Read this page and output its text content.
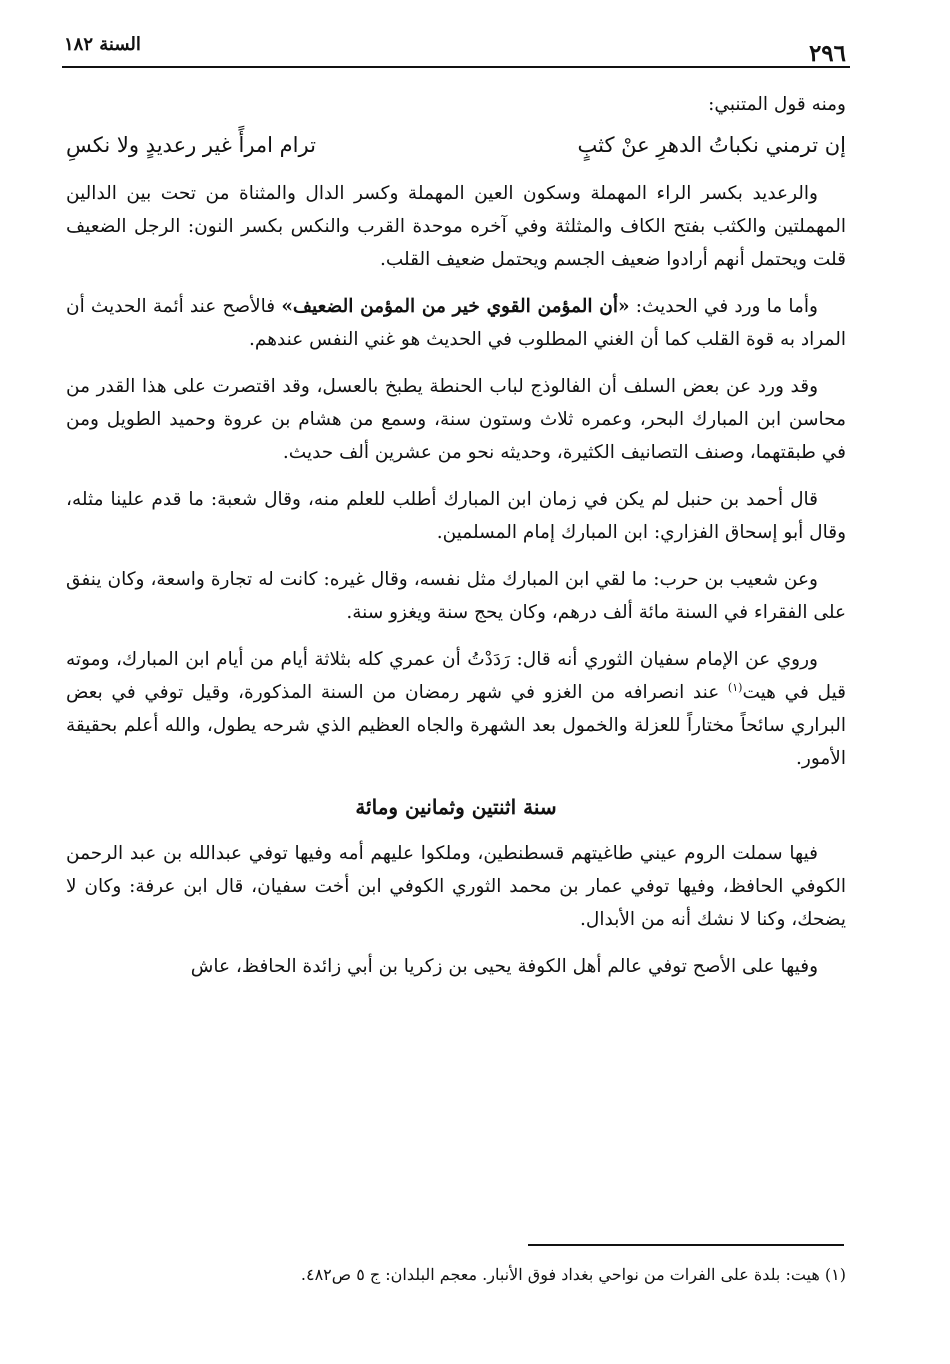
٢٩٦
السنة ١٨٢

ومنه قول المتنبي:

إن ترمني نكباتُ الدهرِ عنْ كثبٍ
ترام امرأً غير رعديدٍ ولا نكسِ

والرعديد بكسر الراء المهملة وسكون العين المهملة وكسر الدال والمثناة من تحت بين الدالين المهملتين والكثب بفتح الكاف والمثلثة وفي آخره موحدة القرب والنكس بكسر النون: الرجل الضعيف قلت ويحتمل أنهم أرادوا ضعيف الجسم ويحتمل ضعيف القلب.

وأما ما ورد في الحديث: «أن المؤمن القوي خير من المؤمن الضعيف» فالأصح عند أئمة الحديث أن المراد به قوة القلب كما أن الغني المطلوب في الحديث هو غني النفس عندهم.

وقد ورد عن بعض السلف أن الفالوذج لباب الحنطة يطبخ بالعسل، وقد اقتصرت على هذا القدر من محاسن ابن المبارك البحر، وعمره ثلاث وستون سنة، وسمع من هشام بن عروة وحميد الطويل ومن في طبقتهما، وصنف التصانيف الكثيرة، وحديثه نحو من عشرين ألف حديث.

قال أحمد بن حنبل لم يكن في زمان ابن المبارك أطلب للعلم منه، وقال شعبة: ما قدم علينا مثله، وقال أبو إسحاق الفزاري: ابن المبارك إمام المسلمين.

وعن شعيب بن حرب: ما لقي ابن المبارك مثل نفسه، وقال غيره: كانت له تجارة واسعة، وكان ينفق على الفقراء في السنة مائة ألف درهم، وكان يحج سنة ويغزو سنة.

وروي عن الإمام سفيان الثوري أنه قال: رَدَدْتُ أن عمري كله بثلاثة أيام من أيام ابن المبارك، وموته قيل في هيت$^{(١)}$ عند انصرافه من الغزو في شهر رمضان من السنة المذكورة، وقيل توفي في بعض البراري سائحاً مختاراً للعزلة والخمول بعد الشهرة والجاه العظيم الذي شرحه يطول، والله أعلم بحقيقة الأمور.

سنة اثنتين وثمانين ومائة

فيها سملت الروم عيني طاغيتهم قسطنطين، وملكوا عليهم أمه وفيها توفي عبدالله بن عبد الرحمن الكوفي الحافظ، وفيها توفي عمار بن محمد الثوري الكوفي ابن أخت سفيان، قال ابن عرفة: وكان لا يضحك، وكنا لا نشك أنه من الأبدال.

وفيها على الأصح توفي عالم أهل الكوفة يحيى بن زكريا بن أبي زائدة الحافظ، عاش

(١) هيت: بلدة على الفرات من نواحي بغداد فوق الأنبار. معجم البلدان: ج ٥ ص٤٨٢.
